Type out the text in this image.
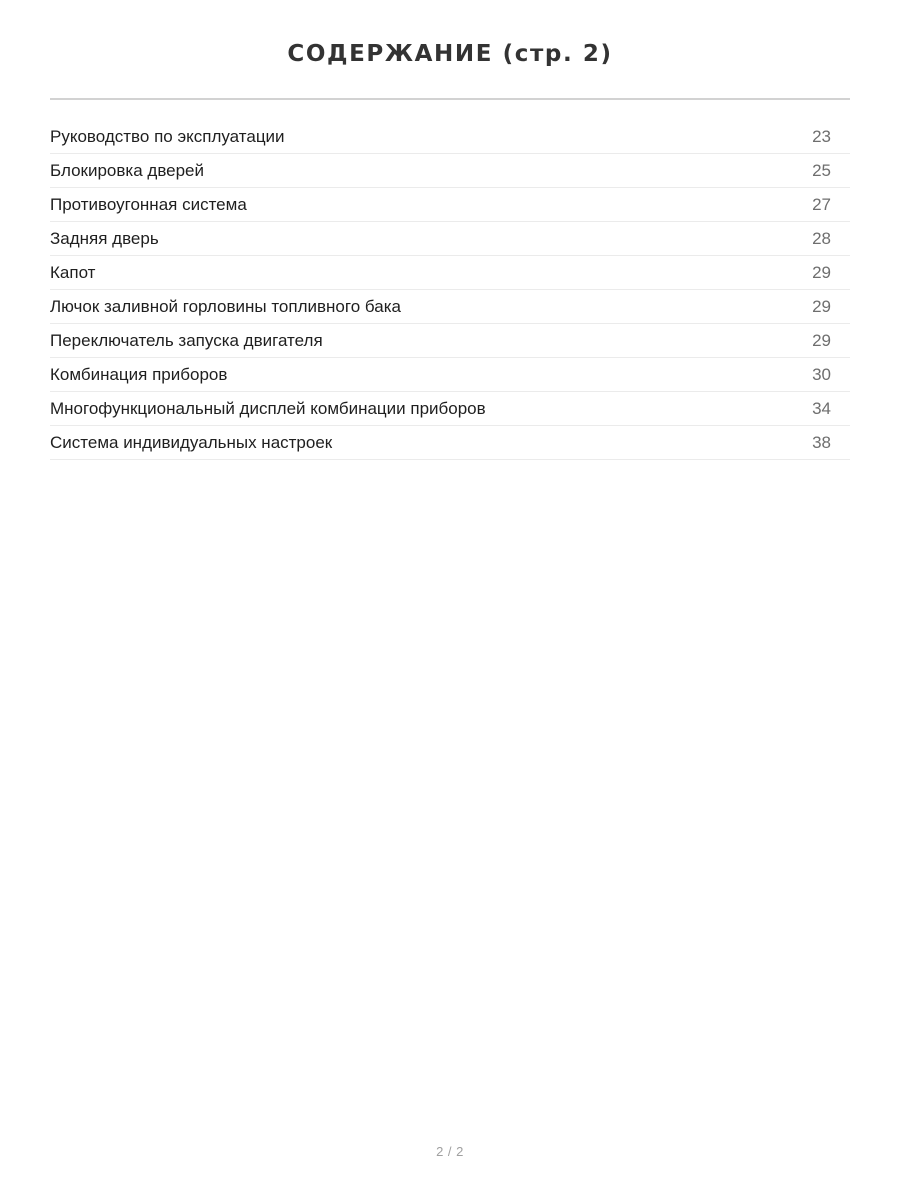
СОДЕРЖАНИЕ (стр. 2)
Руководство по эксплуатации	23
Блокировка дверей	25
Противоугонная система	27
Задняя дверь	28
Капот	29
Лючок заливной горловины топливного бака	29
Переключатель запуска двигателя	29
Комбинация приборов	30
Многофункциональный дисплей комбинации приборов	34
Система индивидуальных настроек	38
2 / 2
